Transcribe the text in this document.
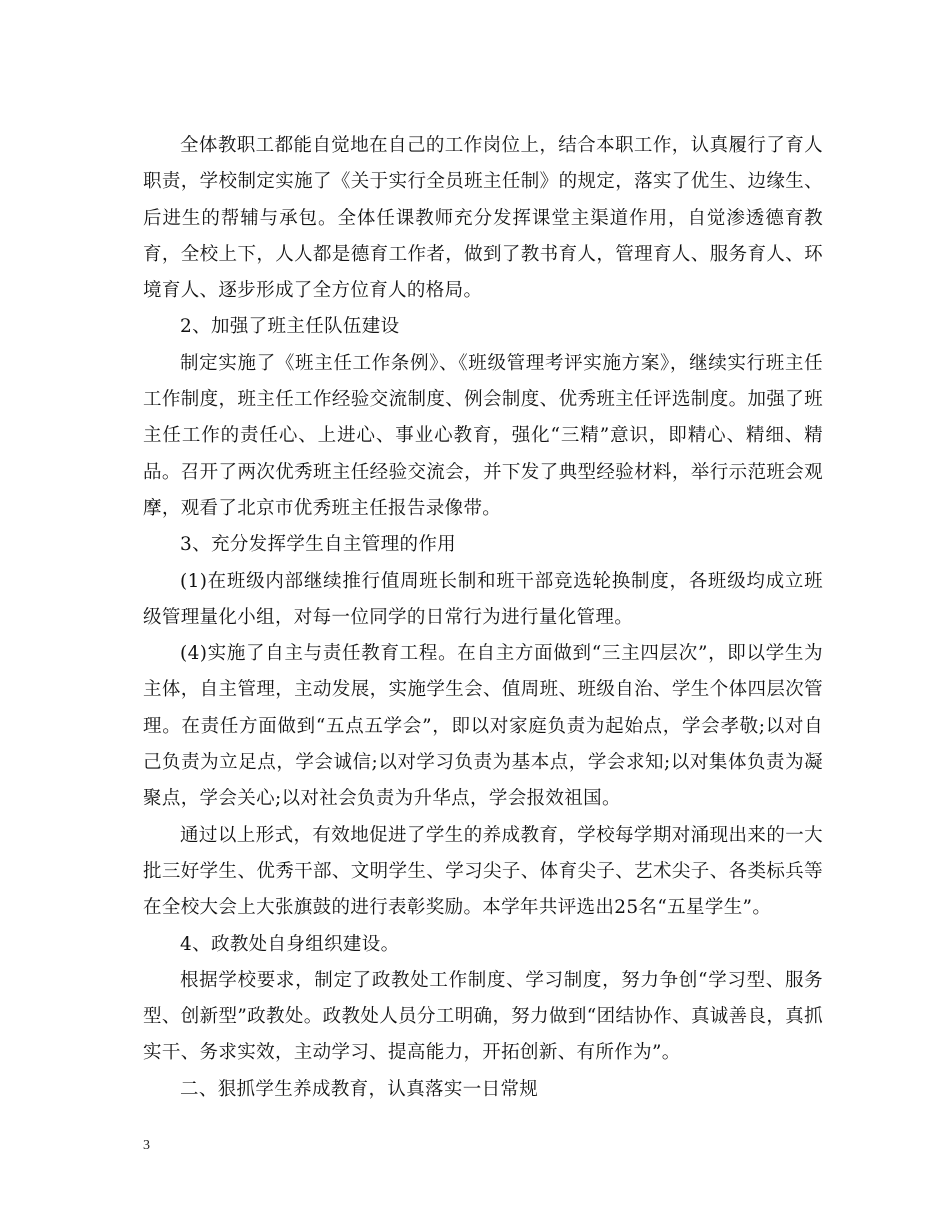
全体教职工都能自觉地在自己的工作岗位上，结合本职工作，认真履行了育人职责，学校制定实施了《关于实行全员班主任制》的规定，落实了优生、边缘生、后进生的帮辅与承包。全体任课教师充分发挥课堂主渠道作用，自觉渗透德育教育，全校上下，人人都是德育工作者，做到了教书育人，管理育人、服务育人、环境育人、逐步形成了全方位育人的格局。

2、加强了班主任队伍建设

制定实施了《班主任工作条例》、《班级管理考评实施方案》，继续实行班主任工作制度，班主任工作经验交流制度、例会制度、优秀班主任评选制度。加强了班主任工作的责任心、上进心、事业心教育，强化“三精”意识，即精心、精细、精品。召开了两次优秀班主任经验交流会，并下发了典型经验材料，举行示范班会观摩，观看了北京市优秀班主任报告录像带。

3、充分发挥学生自主管理的作用

(1)在班级内部继续推行值周班长制和班干部竞选轮换制度，各班级均成立班级管理量化小组，对每一位同学的日常行为进行量化管理。

(4)实施了自主与责任教育工程。在自主方面做到“三主四层次”，即以学生为主体，自主管理，主动发展，实施学生会、值周班、班级自治、学生个体四层次管理。在责任方面做到“五点五学会”，即以对家庭负责为起始点，学会孝敬;以对自己负责为立足点，学会诚信;以对学习负责为基本点，学会求知;以对集体负责为凝聚点，学会关心;以对社会负责为升华点，学会报效祖国。

通过以上形式，有效地促进了学生的养成教育，学校每学期对涌现出来的一大批三好学生、优秀干部、文明学生、学习尖子、体育尖子、艺术尖子、各类标兵等在全校大会上大张旗鼓的进行表彰奖励。本学年共评选出25名“五星学生”。

4、政教处自身组织建设。

根据学校要求，制定了政教处工作制度、学习制度，努力争创“学习型、服务型、创新型”政教处。政教处人员分工明确，努力做到“团结协作、真诚善良，真抓实干、务求实效，主动学习、提高能力，开拓创新、有所作为”。

二、狠抓学生养成教育，认真落实一日常规

3
